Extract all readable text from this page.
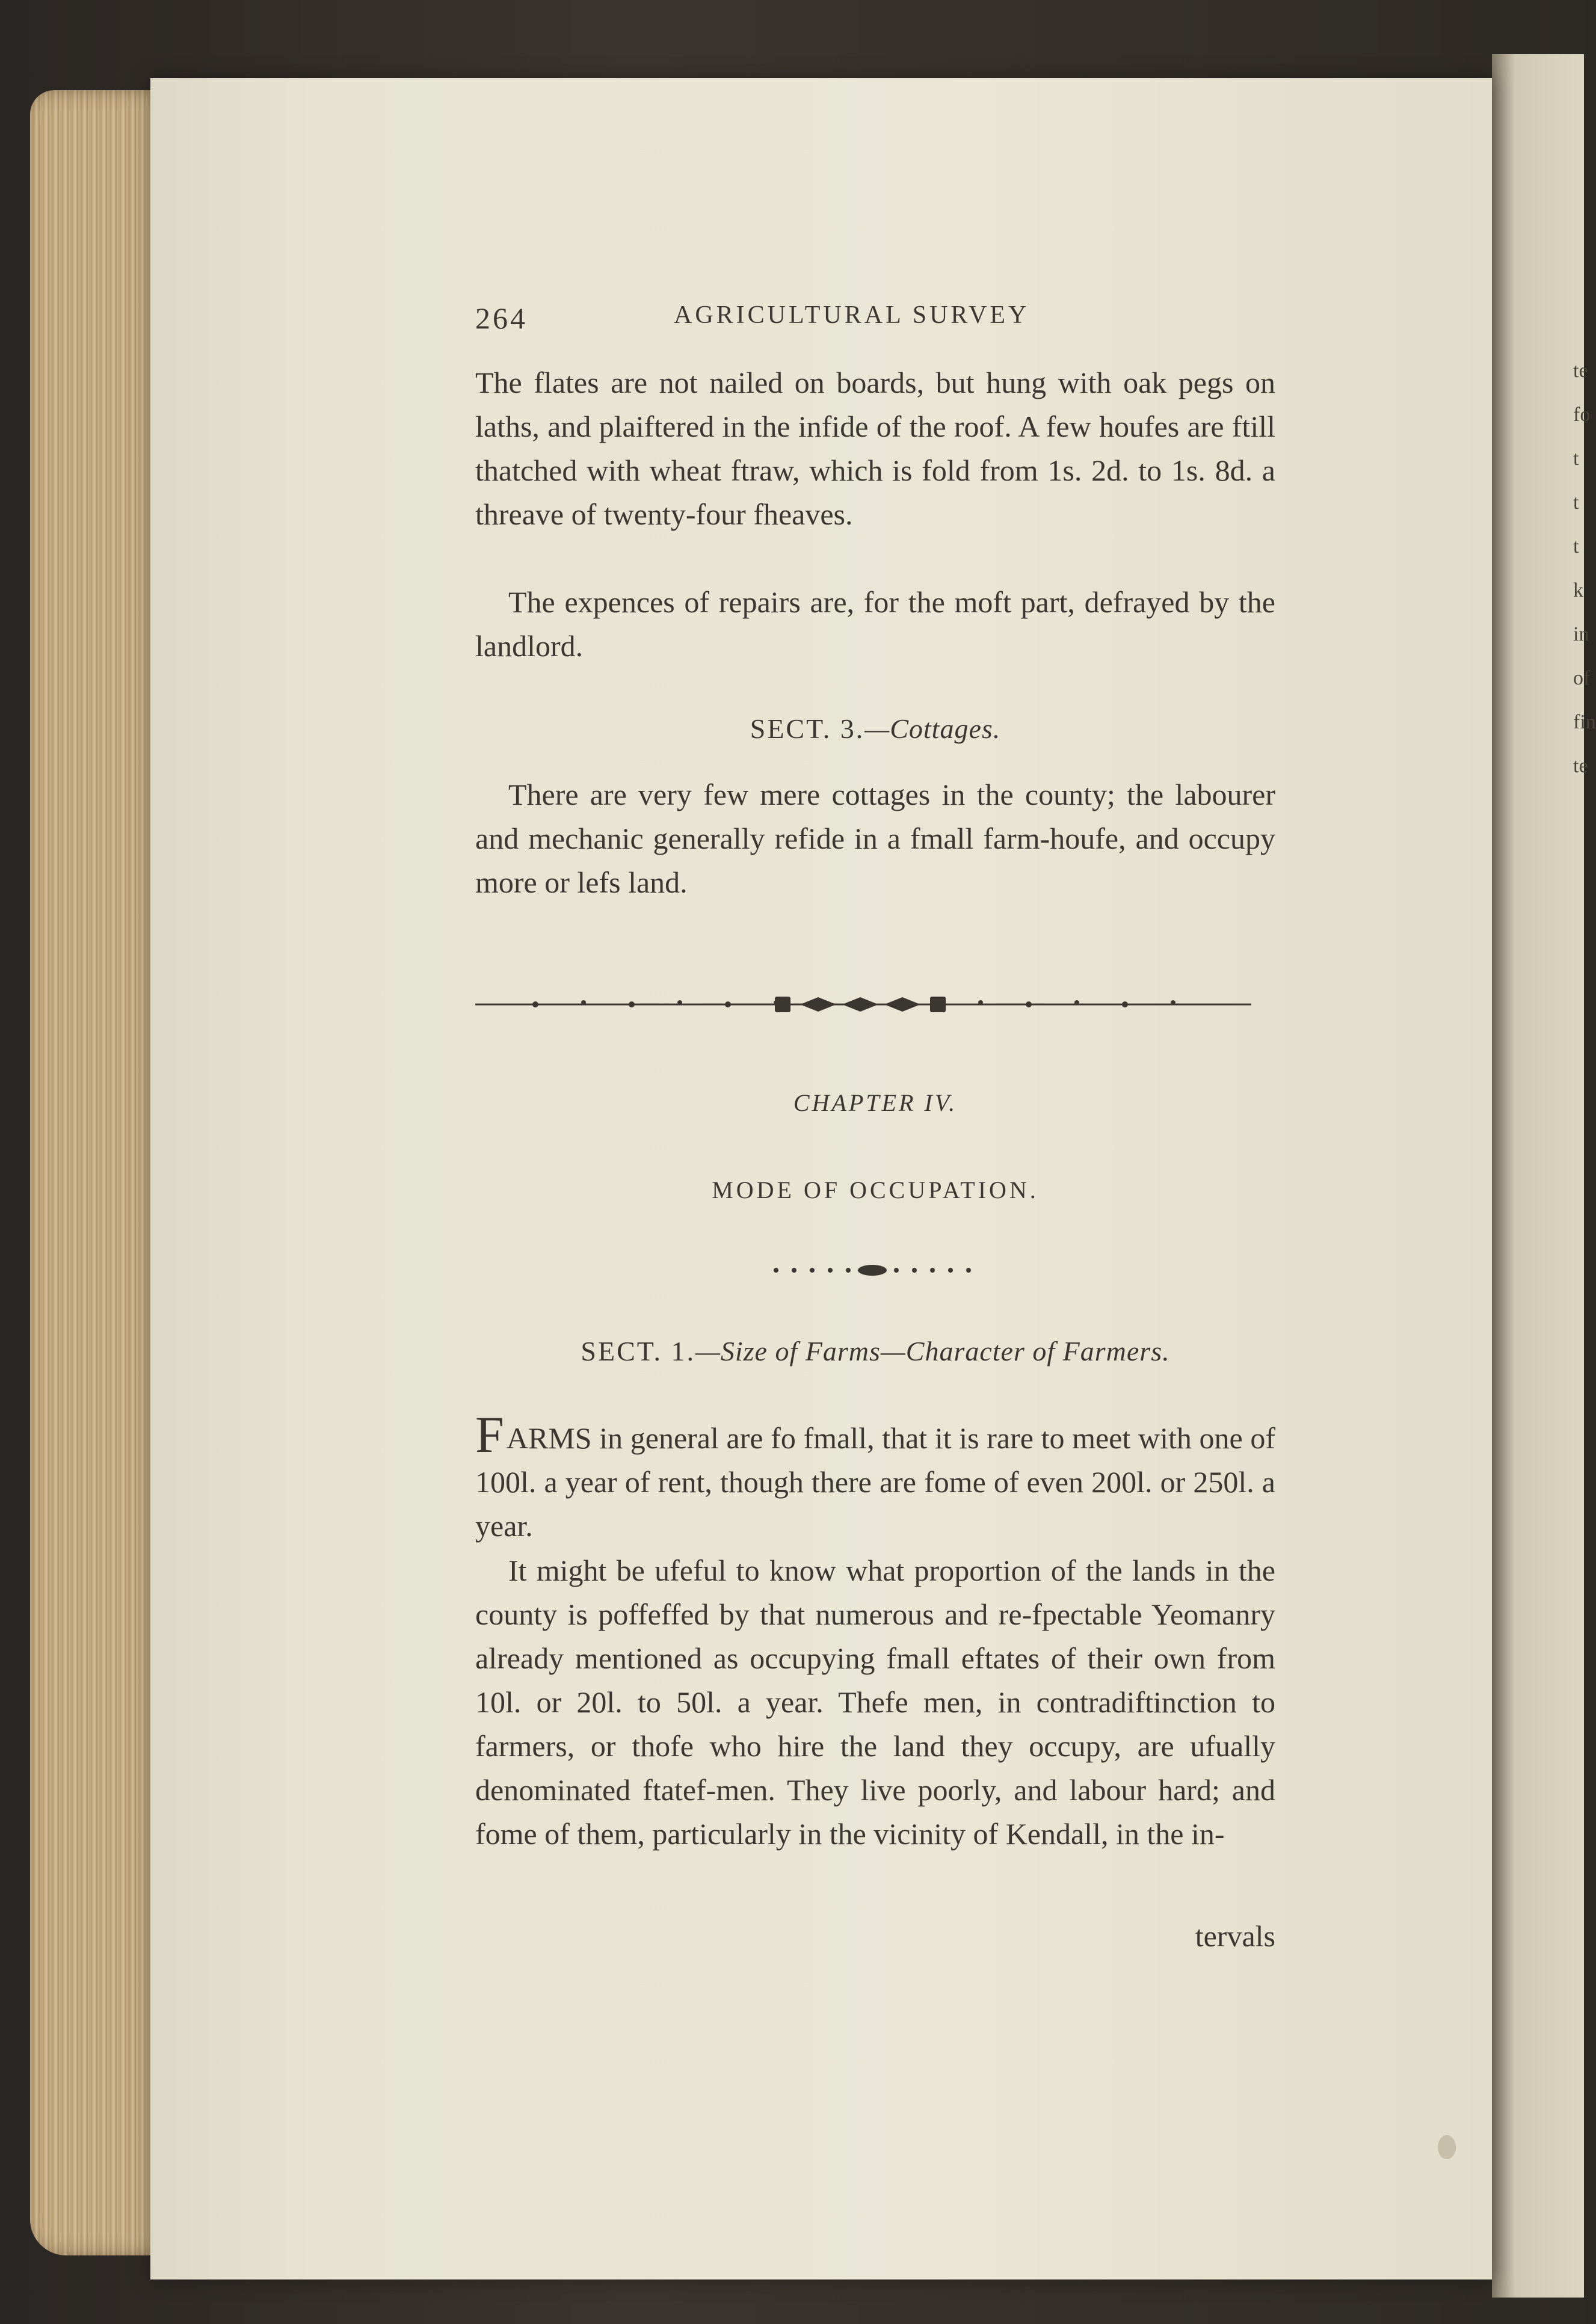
te
fo
t
t
t
k
in
of
fin
te
264	AGRICULTURAL SURVEY
The flates are not nailed on boards, but hung with oak pegs on laths, and plaiftered in the infide of the roof. A few houfes are ftill thatched with wheat ftraw, which is fold from 1s. 2d. to 1s. 8d. a threave of twenty-four fheaves.
The expences of repairs are, for the moft part, defrayed by the landlord.
SECT. 3.—Cottages.
There are very few mere cottages in the county; the labourer and mechanic generally refide in a fmall farm-houfe, and occupy more or lefs land.
CHAPTER IV.
MODE OF OCCUPATION.
SECT. 1.—Size of Farms—Character of Farmers.
FARMS in general are fo fmall, that it is rare to meet with one of 100l. a year of rent, though there are fome of even 200l. or 250l. a year.
It might be ufeful to know what proportion of the lands in the county is poffeffed by that numerous and re-fpectable Yeomanry already mentioned as occupying fmall eftates of their own from 10l. or 20l. to 50l. a year. Thefe men, in contradiftinction to farmers, or thofe who hire the land they occupy, are ufually denominated ftatef-men. They live poorly, and labour hard; and fome of them, particularly in the vicinity of Kendall, in the in-
tervals
